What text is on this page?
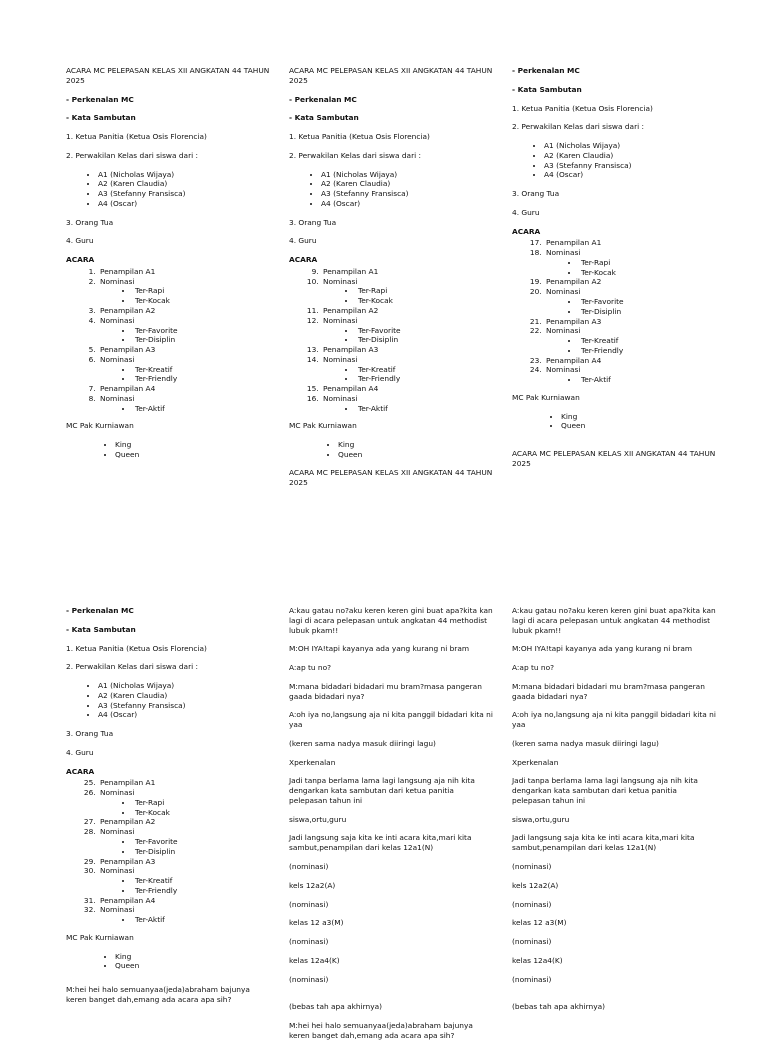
ACARA MC PELEPASAN KELAS XII ANGKATAN 44 TAHUN 2025

- Perkenalan MC

- Kata Sambutan

1. Ketua Panitia (Ketua Osis Florencia)

2. Perwakilan Kelas dari siswa dari :

• A1 (Nicholas Wijaya)
• A2 (Karen Claudia)
• A3 (Stefanny Fransisca)
• A4 (Oscar)

3. Orang Tua

4. Guru

ACARA

1. Penampilan A1
2. Nominasi
• Ter-Rapi
• Ter-Kocak
3. Penampilan A2
4. Nominasi
• Ter-Favorite
• Ter-Disiplin
5. Penampilan A3
6. Nominasi
• Ter-Kreatif
• Ter-Friendly
7. Penampilan A4
8. Nominasi
• Ter-Aktif

MC Pak Kurniawan

• King
• Queen

ACARA MC PELEPASAN KELAS XII ANGKATAN 44 TAHUN 2025

- Perkenalan MC

- Kata Sambutan

1. Ketua Panitia (Ketua Osis Florencia)

2. Perwakilan Kelas dari siswa dari :

• A1 (Nicholas Wijaya)
• A2 (Karen Claudia)
• A3 (Stefanny Fransisca)
• A4 (Oscar)

3. Orang Tua

4. Guru

ACARA

9. Penampilan A1
10. Nominasi
• Ter-Rapi
• Ter-Kocak
11. Penampilan A2
12. Nominasi
• Ter-Favorite
• Ter-Disiplin
13. Penampilan A3
14. Nominasi
• Ter-Kreatif
• Ter-Friendly
15. Penampilan A4
16. Nominasi
• Ter-Aktif

MC Pak Kurniawan

• King
• Queen

ACARA MC PELEPASAN KELAS XII ANGKATAN 44 TAHUN 2025

- Perkenalan MC

- Kata Sambutan

1. Ketua Panitia (Ketua Osis Florencia)

2. Perwakilan Kelas dari siswa dari :

• A1 (Nicholas Wijaya)
• A2 (Karen Claudia)
• A3 (Stefanny Fransisca)
• A4 (Oscar)

3. Orang Tua

4. Guru

ACARA

17. Penampilan A1
18. Nominasi
• Ter-Rapi
• Ter-Kocak
19. Penampilan A2
20. Nominasi
• Ter-Favorite
• Ter-Disiplin
21. Penampilan A3
22. Nominasi
• Ter-Kreatif
• Ter-Friendly
23. Penampilan A4
24. Nominasi
• Ter-Aktif

MC Pak Kurniawan

• King
• Queen

ACARA MC PELEPASAN KELAS XII ANGKATAN 44 TAHUN 2025

- Perkenalan MC

- Kata Sambutan

1. Ketua Panitia (Ketua Osis Florencia)

2. Perwakilan Kelas dari siswa dari :

• A1 (Nicholas Wijaya)
• A2 (Karen Claudia)
• A3 (Stefanny Fransisca)
• A4 (Oscar)

3. Orang Tua

4. Guru

ACARA

25. Penampilan A1
26. Nominasi
• Ter-Rapi
• Ter-Kocak
27. Penampilan A2
28. Nominasi
• Ter-Favorite
• Ter-Disiplin
29. Penampilan A3
30. Nominasi
• Ter-Kreatif
• Ter-Friendly
31. Penampilan A4
32. Nominasi
• Ter-Aktif

MC Pak Kurniawan

• King
• Queen

M:hei hei halo semuanyaa(jeda)abraham bajunya keren banget dah,emang ada acara apa sih?

A:kau gatau no?aku keren keren gini buat apa?kita kan lagi di acara pelepasan untuk angkatan 44 methodist lubuk pkam!!

M:OH IYA!tapi kayanya ada yang kurang ni bram

A:ap tu no?

M:mana bidadari bidadari mu bram?masa pangeran gaada bidadari nya?

A:oh iya no,langsung aja ni kita panggil bidadari kita ni yaa

(keren sama nadya masuk diiringi lagu)

Xperkenalan

Jadi tanpa berlama lama lagi langsung aja nih kita dengarkan kata sambutan dari ketua panitia pelepasan tahun ini

siswa,ortu,guru

Jadi langsung saja kita ke inti acara kita,mari kita sambut,penampilan dari kelas 12a1(N)

(nominasi)

kels 12a2(A)

(nominasi)

kelas 12 a3(M)

(nominasi)

kelas 12a4(K)

(nominasi)

(bebas tah apa akhirnya)

M:hei hei halo semuanyaa(jeda)abraham bajunya keren banget dah,emang ada acara apa sih?

A:kau gatau no?aku keren keren gini buat apa?kita kan lagi di acara pelepasan untuk angkatan 44 methodist lubuk pkam!!

M:OH IYA!tapi kayanya ada yang kurang ni bram

A:ap tu no?

M:mana bidadari bidadari mu bram?masa pangeran gaada bidadari nya?

A:oh iya no,langsung aja ni kita panggil bidadari kita ni yaa

(keren sama nadya masuk diiringi lagu)

Xperkenalan

Jadi tanpa berlama lama lagi langsung aja nih kita dengarkan kata sambutan dari ketua panitia pelepasan tahun ini

siswa,ortu,guru

Jadi langsung saja kita ke inti acara kita,mari kita sambut,penampilan dari kelas 12a1(N)

(nominasi)

kels 12a2(A)

(nominasi)

kelas 12 a3(M)

(nominasi)

kelas 12a4(K)

(nominasi)

(bebas tah apa akhirnya)
